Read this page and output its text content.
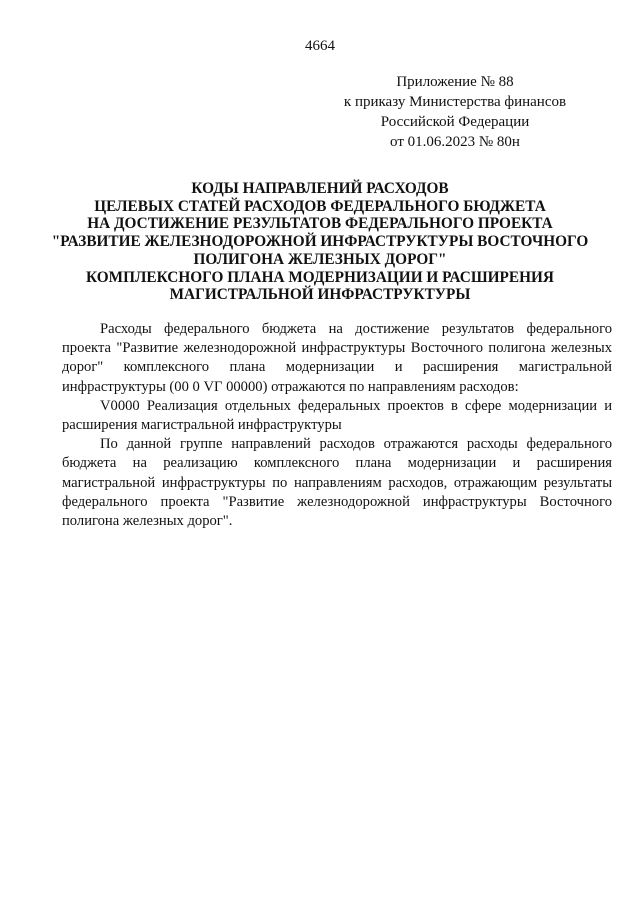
4664
Приложение № 88
к приказу Министерства финансов
Российской Федерации
от 01.06.2023 № 80н
КОДЫ НАПРАВЛЕНИЙ РАСХОДОВ
ЦЕЛЕВЫХ СТАТЕЙ РАСХОДОВ ФЕДЕРАЛЬНОГО БЮДЖЕТА
НА ДОСТИЖЕНИЕ РЕЗУЛЬТАТОВ ФЕДЕРАЛЬНОГО ПРОЕКТА
"РАЗВИТИЕ ЖЕЛЕЗНОДОРОЖНОЙ ИНФРАСТРУКТУРЫ ВОСТОЧНОГО
ПОЛИГОНА ЖЕЛЕЗНЫХ ДОРОГ"
КОМПЛЕКСНОГО ПЛАНА МОДЕРНИЗАЦИИ И РАСШИРЕНИЯ
МАГИСТРАЛЬНОЙ ИНФРАСТРУКТУРЫ

Расходы федерального бюджета на достижение результатов федерального проекта "Развитие железнодорожной инфраструктуры Восточного полигона железных дорог" комплексного плана модернизации и расширения магистральной инфраструктуры (00 0 VГ 00000) отражаются по направлениям расходов:

V0000 Реализация отдельных федеральных проектов в сфере модернизации и расширения магистральной инфраструктуры

По данной группе направлений расходов отражаются расходы федерального бюджета на реализацию комплексного плана модернизации и расширения магистральной инфраструктуры по направлениям расходов, отражающим результаты федерального проекта "Развитие железнодорожной инфраструктуры Восточного полигона железных дорог".
